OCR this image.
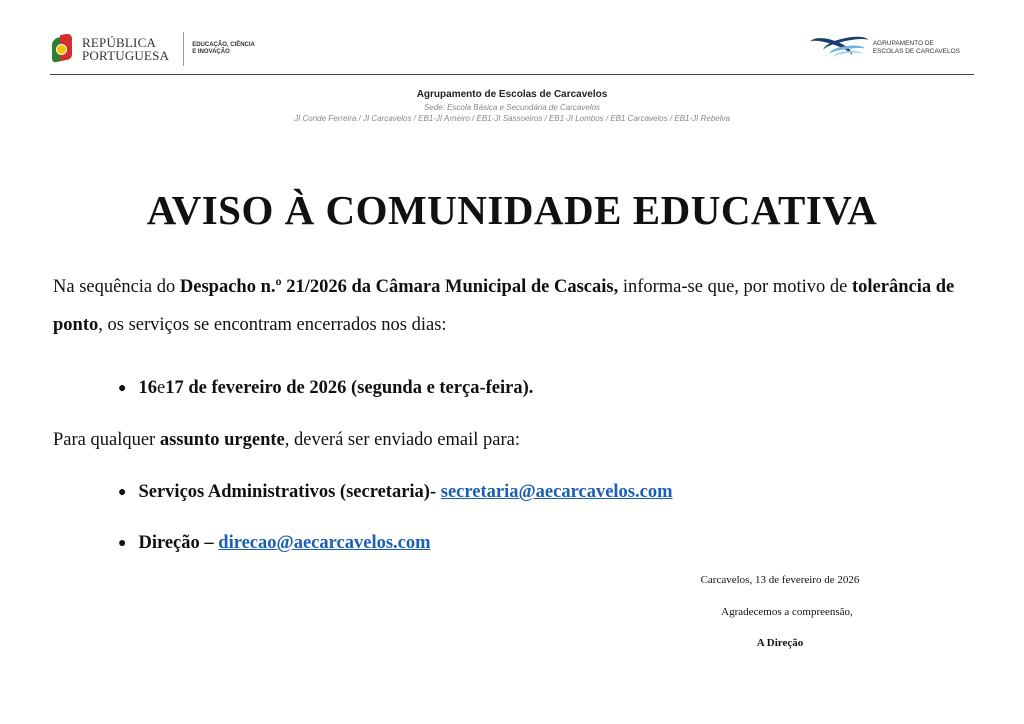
REPÚBLICA
PORTUGUESA
EDUCAÇÃO, CIÊNCIA
E INOVAÇÃO
AGRUPAMENTO DE
ESCOLAS DE CARCAVELOS
Agrupamento de Escolas de Carcavelos
Sede: Escola Básica e Secundária de Carcavelos
JI Conde Ferreira / JI Carcavelos / EB1-JI Arneiro / EB1-JI Sassoeiros / EB1-JI Lombos / EB1 Carcavelos / EB1-JI Rebelva
AVISO À COMUNIDADE EDUCATIVA
Na sequência do Despacho n.º 21/2026 da Câmara Municipal de Cascais, informa-se que, por motivo de tolerância de ponto, os serviços se encontram encerrados nos dias:
● 16 e 17 de fevereiro de 2026 (segunda e terça-feira).
Para qualquer assunto urgente, deverá ser enviado email para:
● Serviços Administrativos (secretaria)-
secretaria@aecarcavelos.com
● Direção –
direcao@aecarcavelos.com
Carcavelos, 13 de fevereiro de 2026
Agradecemos a compreensão,
A Direção
